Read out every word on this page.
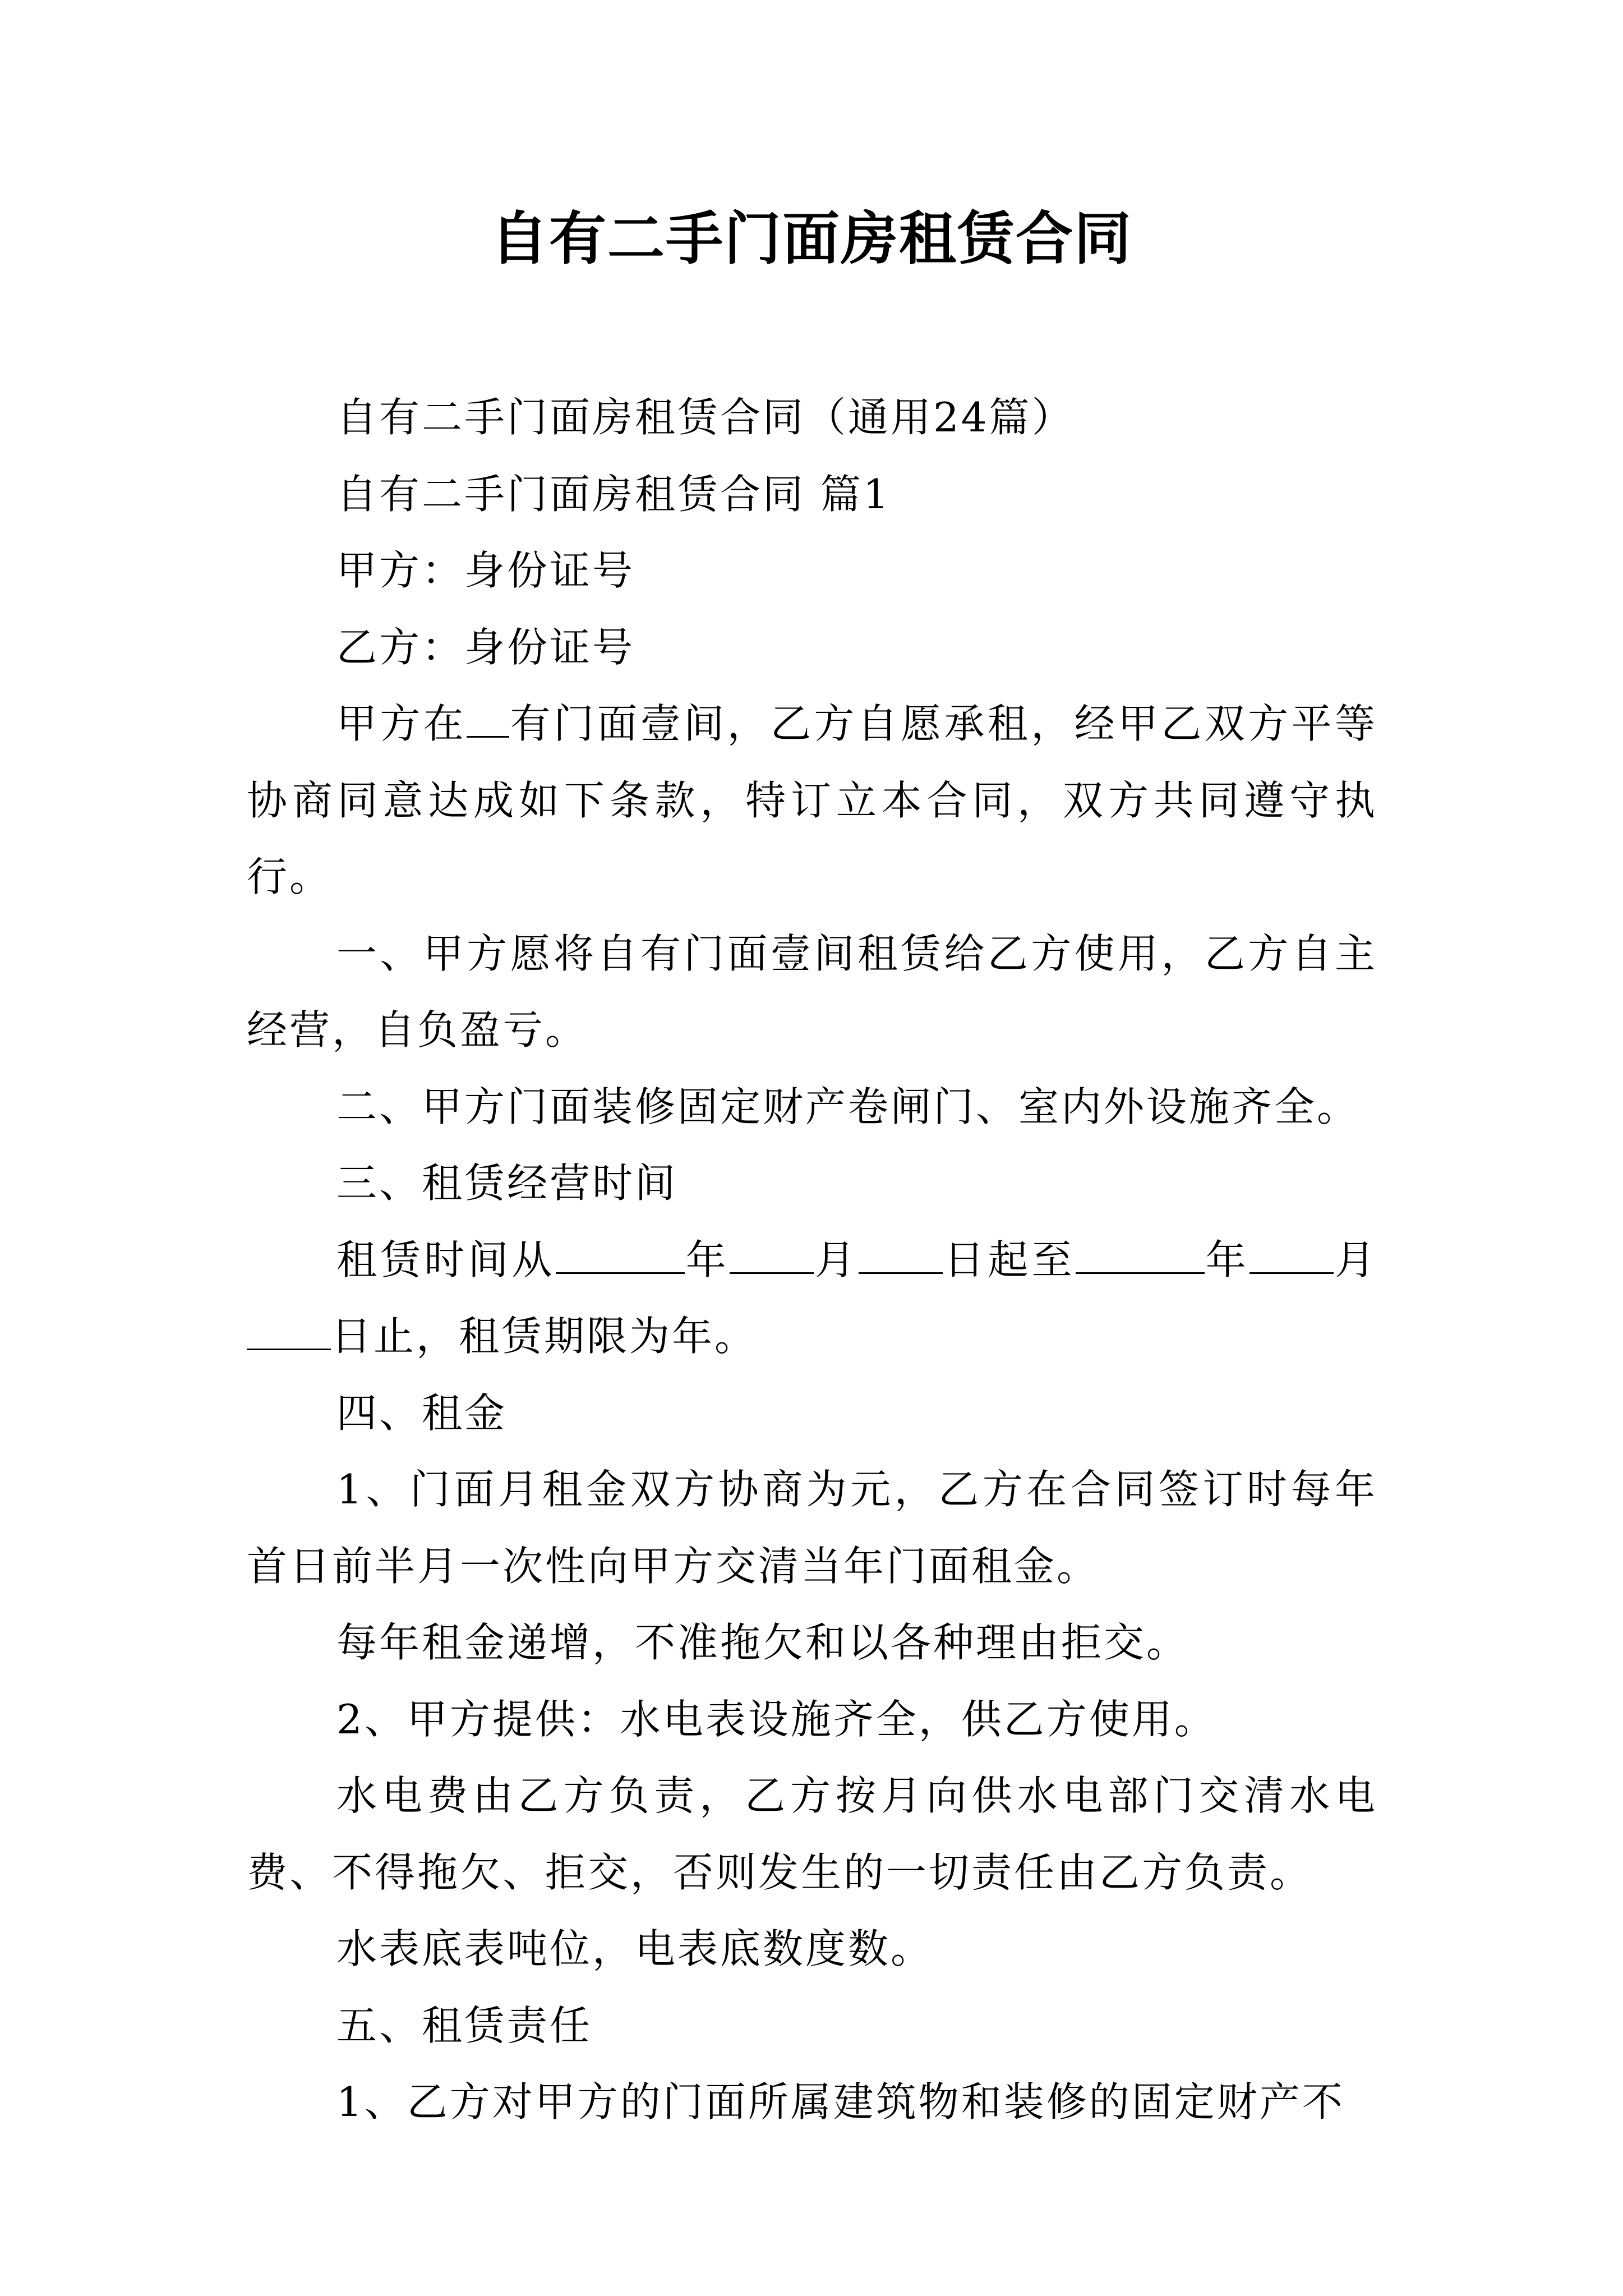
自有二手门面房租赁合同

自有二手门面房租赁合同（通用24篇）

自有二手门面房租赁合同 篇1

甲方：身份证号

乙方：身份证号

甲方在 有门面壹间，乙方自愿承租，经甲乙双方平等协商同意达成如下条款，特订立本合同，双方共同遵守执行。

一、甲方愿将自有门面壹间租赁给乙方使用，乙方自主经营，自负盈亏。

二、甲方门面装修固定财产卷闸门、室内外设施齐全。

三、租赁经营时间

租赁时间从	年 月 日起至	年 月日止，租赁期限为年。

四、租金

1、门面月租金双方协商为元，乙方在合同签订时每年首日前半月一次性向甲方交清当年门面租金。

每年租金递增，不准拖欠和以各种理由拒交。

2、甲方提供：水电表设施齐全，供乙方使用。

水电费由乙方负责，乙方按月向供水电部门交清水电费、不得拖欠、拒交，否则发生的一切责任由乙方负责。

水表底表吨位，电表底数度数。

五、租赁责任

1、乙方对甲方的门面所属建筑物和装修的固定财产不
